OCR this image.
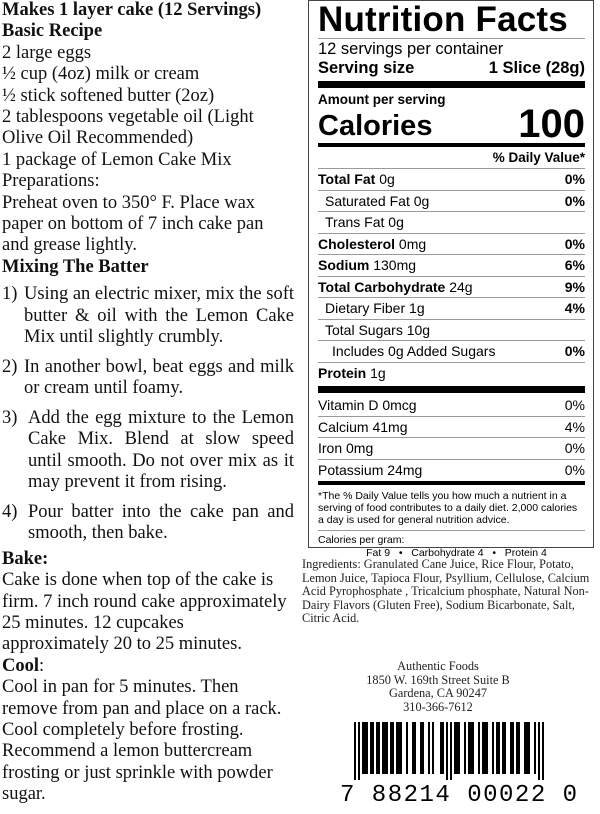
Makes 1 layer cake (12 Servings)
Basic Recipe
2 large eggs
½ cup (4oz) milk or cream
½ stick softened butter (2oz)
2 tablespoons vegetable oil (Light
Olive Oil Recommended)
1 package of Lemon Cake Mix
Preparations:
Preheat oven to 350° F. Place wax paper on bottom of 7 inch cake pan and grease lightly.
Mixing The Batter
1) Using an electric mixer, mix the soft butter & oil with the Lemon Cake Mix until slightly crumbly.
2) In another bowl, beat eggs and milk or cream until foamy.
3) Add the egg mixture to the Lemon Cake Mix. Blend at slow speed until smooth. Do not over mix as it may prevent it from rising.
4) Pour batter into the cake pan and smooth, then bake.
Bake:
Cake is done when top of the cake is firm. 7 inch round cake approximately 25 minutes. 12 cupcakes approximately 20 to 25 minutes.
Cool:
Cool in pan for 5 minutes. Then remove from pan and place on a rack. Cool completely before frosting. Recommend a lemon buttercream frosting or just sprinkle with powder sugar.
Nutrition Facts
12 servings per container
Serving size	1 Slice (28g)
Amount per serving
Calories 100
% Daily Value*
Total Fat 0g	0%
Saturated Fat 0g	0%
Trans Fat 0g
Cholesterol 0mg	0%
Sodium 130mg	6%
Total Carbohydrate 24g	9%
Dietary Fiber 1g	4%
Total Sugars 10g
Includes 0g Added Sugars	0%
Protein 1g
Vitamin D 0mcg	0%
Calcium 41mg	4%
Iron 0mg	0%
Potassium 24mg	0%
*The % Daily Value tells you how much a nutrient in a serving of food contributes to a daily diet. 2,000 calories a day is used for general nutrition advice.
Calories per gram:
Fat 9   •   Carbohydrate 4   •   Protein 4
Ingredients: Granulated Cane Juice, Rice Flour, Potato, Lemon Juice, Tapioca Flour, Psyllium, Cellulose, Calcium Acid Pyrophosphate , Tricalcium phosphate, Natural Non-Dairy Flavors (Gluten Free), Sodium Bicarbonate, Salt, Citric Acid.
Authentic Foods
1850 W. 169th Street Suite B
Gardena, CA 90247
310-366-7612
7 88214 00022 0
